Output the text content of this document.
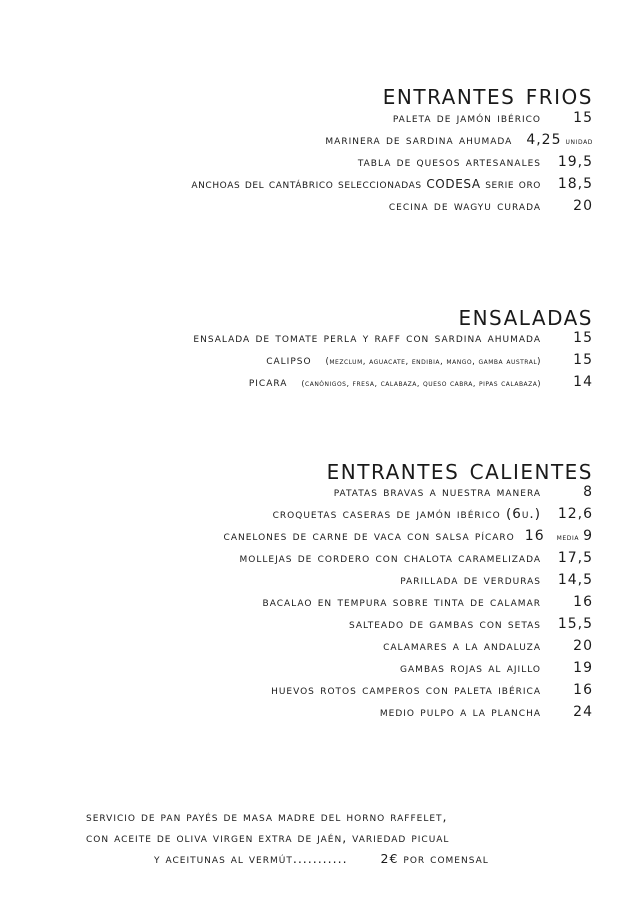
entrantes frios
paleta de jamón ibérico	15
marinera de sardina ahumada 4,25 unidad
tabla de quesos artesanales 19,5
anchoas del cantábrico seleccionadas CODESA serie oro 18,5
cecina de wagyu curada	20
ensaladas
ensalada de tomate perla y raff con sardina ahumada	15
calipso (mezclum, aguacate, endibia, mango, gamba austral)	15
picara (canónigos, fresa, calabaza, queso cabra, pipas calabaza)	14
entrantes calientes
patatas bravas a nuestra manera	8
croquetas caseras de jamón ibérico (6u.) 12,6
canelones de carne de vaca con salsa pícaro 16 media 9
mollejas de cordero con chalota caramelizada 17,5
parillada de verduras 14,5
bacalao en tempura sobre tinta de calamar	16
salteado de gambas con setas 15,5
calamares a la andaluza	20
gambas rojas al ajillo	19
huevos rotos camperos con paleta ibérica	16
medio pulpo a la plancha	24
servicio de pan payés de masa madre del horno raffelet,
con aceite de oliva virgen extra de jaén, variedad picual
y aceitunas al vermút...........	2€ por comensal
